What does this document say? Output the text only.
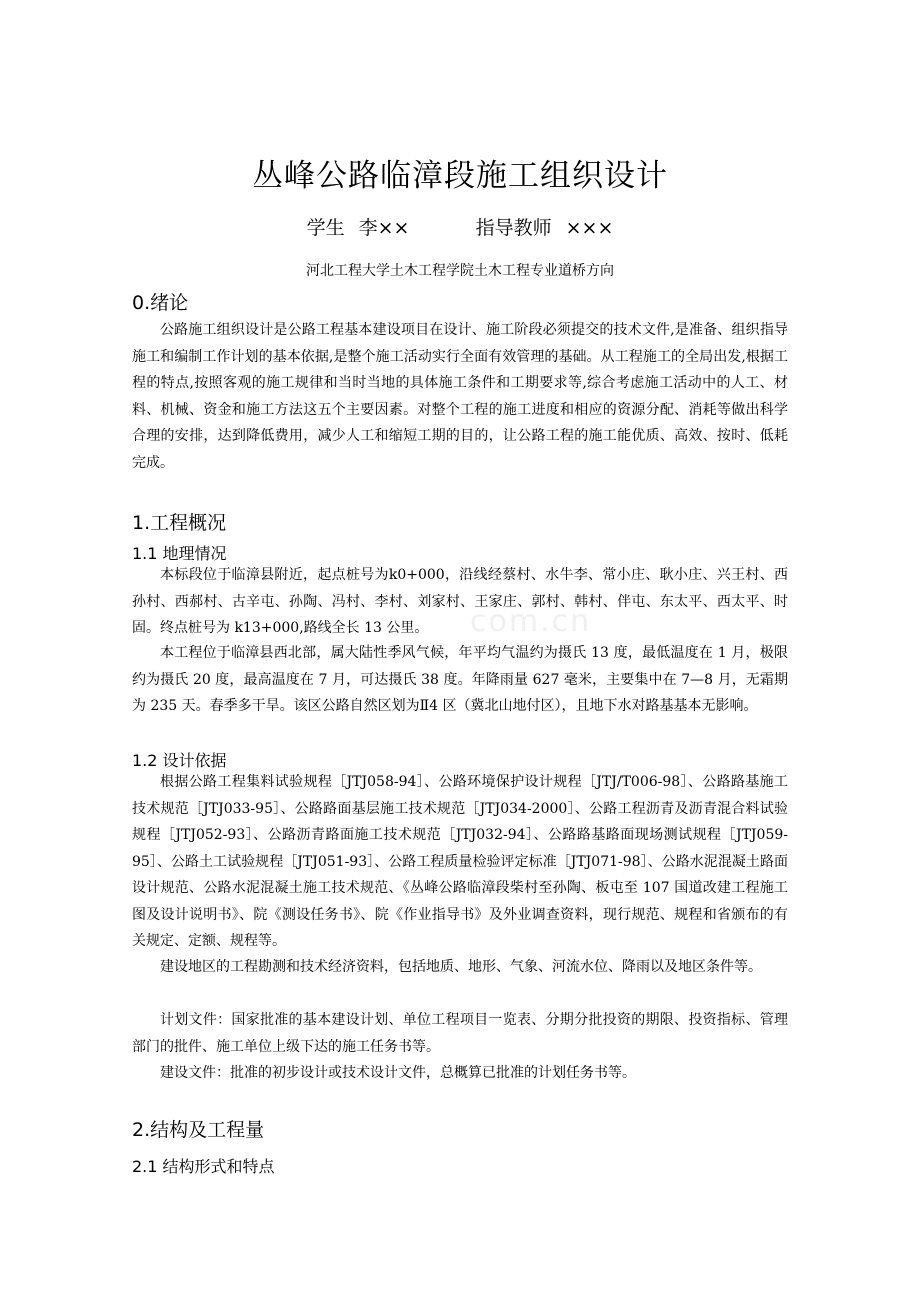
com.cn
丛峰公路临漳段施工组织设计
学生 李××	指导教师 ×××
河北工程大学土木工程学院土木工程专业道桥方向
0.绪论

公路施工组织设计是公路工程基本建设项目在设计、施工阶段必须提交的技术文件,是准备、组织指导施工和编制工作计划的基本依据,是整个施工活动实行全面有效管理的基础。从工程施工的全局出发,根据工程的特点,按照客观的施工规律和当时当地的具体施工条件和工期要求等,综合考虑施工活动中的人工、材料、机械、资金和施工方法这五个主要因素。对整个工程的施工进度和相应的资源分配、消耗等做出科学合理的安排，达到降低费用，减少人工和缩短工期的目的，让公路工程的施工能优质、高效、按时、低耗完成。

1.工程概况
1.1 地理情况

本标段位于临漳县附近，起点桩号为k0+000，沿线经蔡村、水牛李、常小庄、耿小庄、兴王村、西孙村、西郝村、古辛屯、孙陶、冯村、李村、刘家村、王家庄、郭村、韩村、伴屯、东太平、西太平、时固。终点桩号为 k13+000,路线全长 13 公里。

本工程位于临漳县西北部，属大陆性季风气候，年平均气温约为摄氏 13 度，最低温度在 1 月，极限约为摄氏 20 度，最高温度在 7 月，可达摄氏 38 度。年降雨量 627 毫米，主要集中在 7—8 月，无霜期为 235 天。春季多干旱。该区公路自然区划为Ⅱ4 区（冀北山地付区），且地下水对路基基本无影响。

1.2 设计依据

根据公路工程集料试验规程［JTJ058-94］、公路环境保护设计规程［JTJ/T006-98］、公路路基施工技术规范［JTJ033-95］、公路路面基层施工技术规范［JTJ034-2000］、公路工程沥青及沥青混合料试验规程［JTJ052-93］、公路沥青路面施工技术规范［JTJ032-94］、公路路基路面现场测试规程［JTJ059-95］、公路土工试验规程［JTJ051-93］、公路工程质量检验评定标准［JTJ071-98］、公路水泥混凝土路面设计规范、公路水泥混凝土施工技术规范、《丛峰公路临漳段柴村至孙陶、板屯至 107 国道改建工程施工图及设计说明书》、院《测设任务书》、院《作业指导书》及外业调查资料，现行规范、规程和省颁布的有关规定、定额、规程等。

建设地区的工程勘测和技术经济资料，包括地质、地形、气象、河流水位、降雨以及地区条件等。

计划文件：国家批准的基本建设计划、单位工程项目一览表、分期分批投资的期限、投资指标、管理部门的批件、施工单位上级下达的施工任务书等。

建设文件：批准的初步设计或技术设计文件，总概算已批准的计划任务书等。

2.结构及工程量
2.1 结构形式和特点
